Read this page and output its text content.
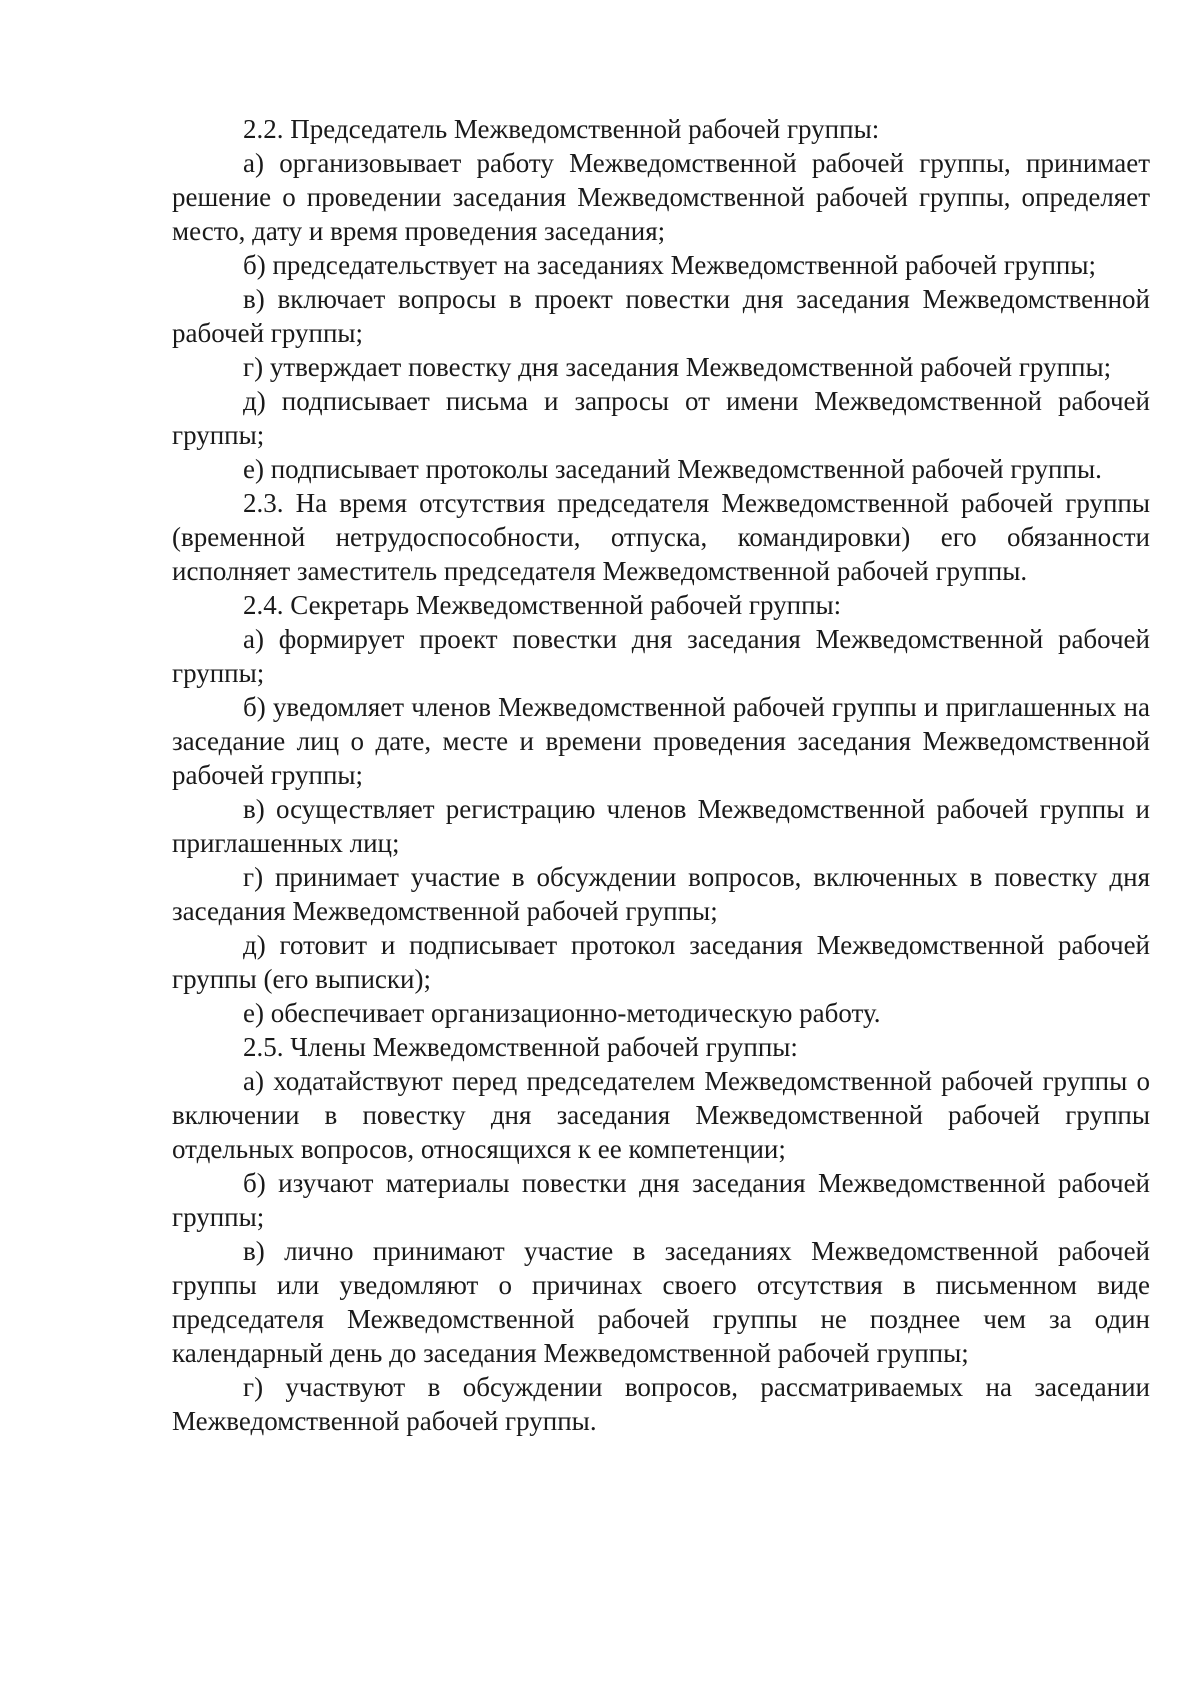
2.2. Председатель Межведомственной рабочей группы:

а) организовывает работу Межведомственной рабочей группы, принимает решение о проведении заседания Межведомственной рабочей группы, определяет место, дату и время проведения заседания;

б) председательствует на заседаниях Межведомственной рабочей группы;

в) включает вопросы в проект повестки дня заседания Межведомственной рабочей группы;

г) утверждает повестку дня заседания Межведомственной рабочей группы;

д) подписывает письма и запросы от имени Межведомственной рабочей группы;

е) подписывает протоколы заседаний Межведомственной рабочей группы.

2.3. На время отсутствия председателя Межведомственной рабочей группы (временной нетрудоспособности, отпуска, командировки) его обязанности исполняет заместитель председателя Межведомственной рабочей группы.

2.4. Секретарь Межведомственной рабочей группы:

а) формирует проект повестки дня заседания Межведомственной рабочей группы;

б) уведомляет членов Межведомственной рабочей группы и приглашенных на заседание лиц о дате, месте и времени проведения заседания Межведомственной рабочей группы;

в) осуществляет регистрацию членов Межведомственной рабочей группы и приглашенных лиц;

г) принимает участие в обсуждении вопросов, включенных в повестку дня заседания Межведомственной рабочей группы;

д) готовит и подписывает протокол заседания Межведомственной рабочей группы (его выписки);

е) обеспечивает организационно-методическую работу.

2.5. Члены Межведомственной рабочей группы:

а) ходатайствуют перед председателем Межведомственной рабочей группы о включении в повестку дня заседания Межведомственной рабочей группы отдельных вопросов, относящихся к ее компетенции;

б) изучают материалы повестки дня заседания Межведомственной рабочей группы;

в) лично принимают участие в заседаниях Межведомственной рабочей группы или уведомляют о причинах своего отсутствия в письменном виде председателя Межведомственной рабочей группы не позднее чем за один календарный день до заседания Межведомственной рабочей группы;

г) участвуют в обсуждении вопросов, рассматриваемых на заседании Межведомственной рабочей группы.
